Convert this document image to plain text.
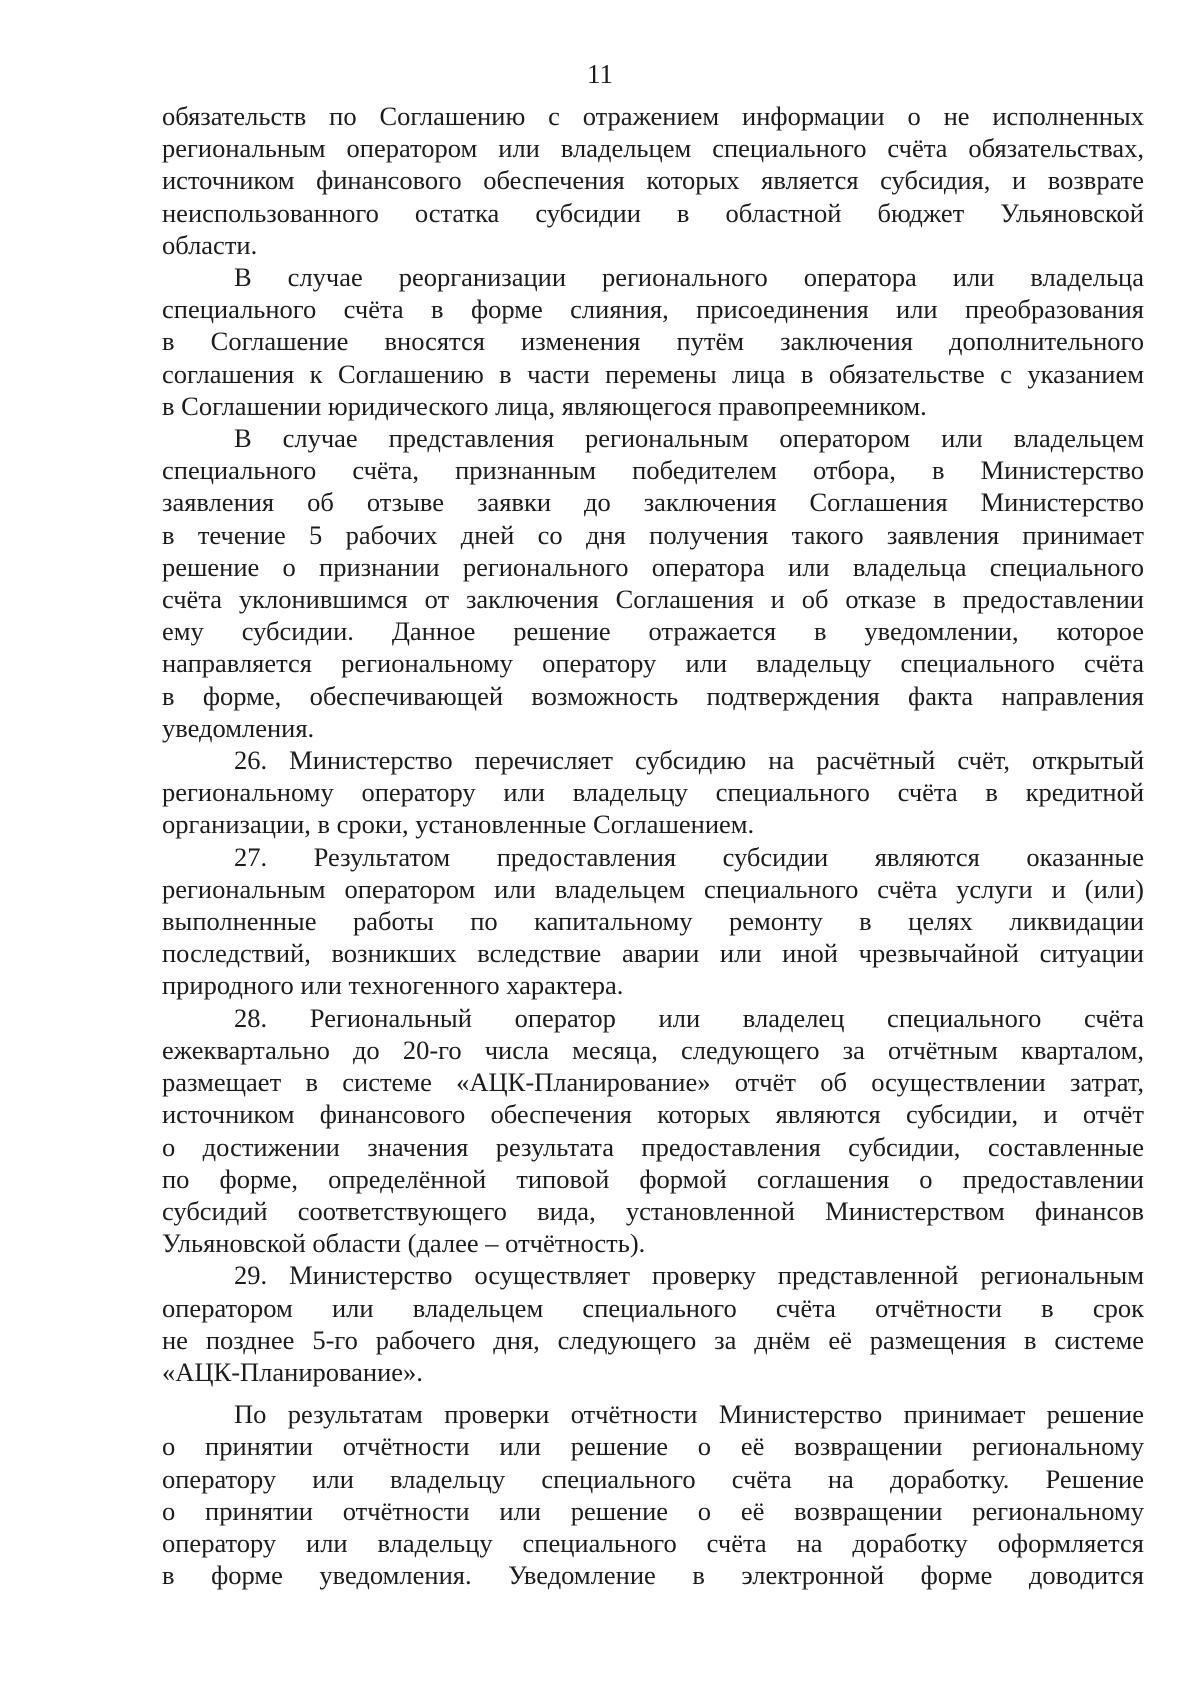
11

обязательств по Соглашению с отражением информации о не исполненных

региональным оператором или владельцем специального счёта обязательствах,

источником финансового обеспечения которых является субсидия, и возврате

неиспользованного остатка субсидии в областной бюджет Ульяновской

области.

В случае реорганизации регионального оператора или владельца

специального счёта в форме слияния, присоединения или преобразования

в Соглашение вносятся изменения путём заключения дополнительного

соглашения к Соглашению в части перемены лица в обязательстве с указанием

в Соглашении юридического лица, являющегося правопреемником.

В случае представления региональным оператором или владельцем

специального счёта, признанным победителем отбора, в Министерство

заявления об отзыве заявки до заключения Соглашения Министерство

в течение 5 рабочих дней со дня получения такого заявления принимает

решение о признании регионального оператора или владельца специального

счёта уклонившимся от заключения Соглашения и об отказе в предоставлении

ему субсидии. Данное решение отражается в уведомлении, которое

направляется региональному оператору или владельцу специального счёта

в форме, обеспечивающей возможность подтверждения факта направления

уведомления.

26. Министерство перечисляет субсидию на расчётный счёт, открытый

региональному оператору или владельцу специального счёта в кредитной

организации, в сроки, установленные Соглашением.

27. Результатом предоставления субсидии являются оказанные

региональным оператором или владельцем специального счёта услуги и (или)

выполненные работы по капитальному ремонту в целях ликвидации

последствий, возникших вследствие аварии или иной чрезвычайной ситуации

природного или техногенного характера.

28. Региональный оператор или владелец специального счёта

ежеквартально до 20-го числа месяца, следующего за отчётным кварталом,

размещает в системе «АЦК-Планирование» отчёт об осуществлении затрат,

источником финансового обеспечения которых являются субсидии, и отчёт

о достижении значения результата предоставления субсидии, составленные

по форме, определённой типовой формой соглашения о предоставлении

субсидий соответствующего вида, установленной Министерством финансов

Ульяновской области (далее – отчётность).

29. Министерство осуществляет проверку представленной региональным

оператором или владельцем специального счёта отчётности в срок

не позднее 5-го рабочего дня, следующего за днём её размещения в системе

«АЦК-Планирование».

По результатам проверки отчётности Министерство принимает решение

о принятии отчётности или решение о её возвращении региональному

оператору или владельцу специального счёта на доработку. Решение

о принятии отчётности или решение о её возвращении региональному

оператору или владельцу специального счёта на доработку оформляется

в форме уведомления. Уведомление в электронной форме доводится
